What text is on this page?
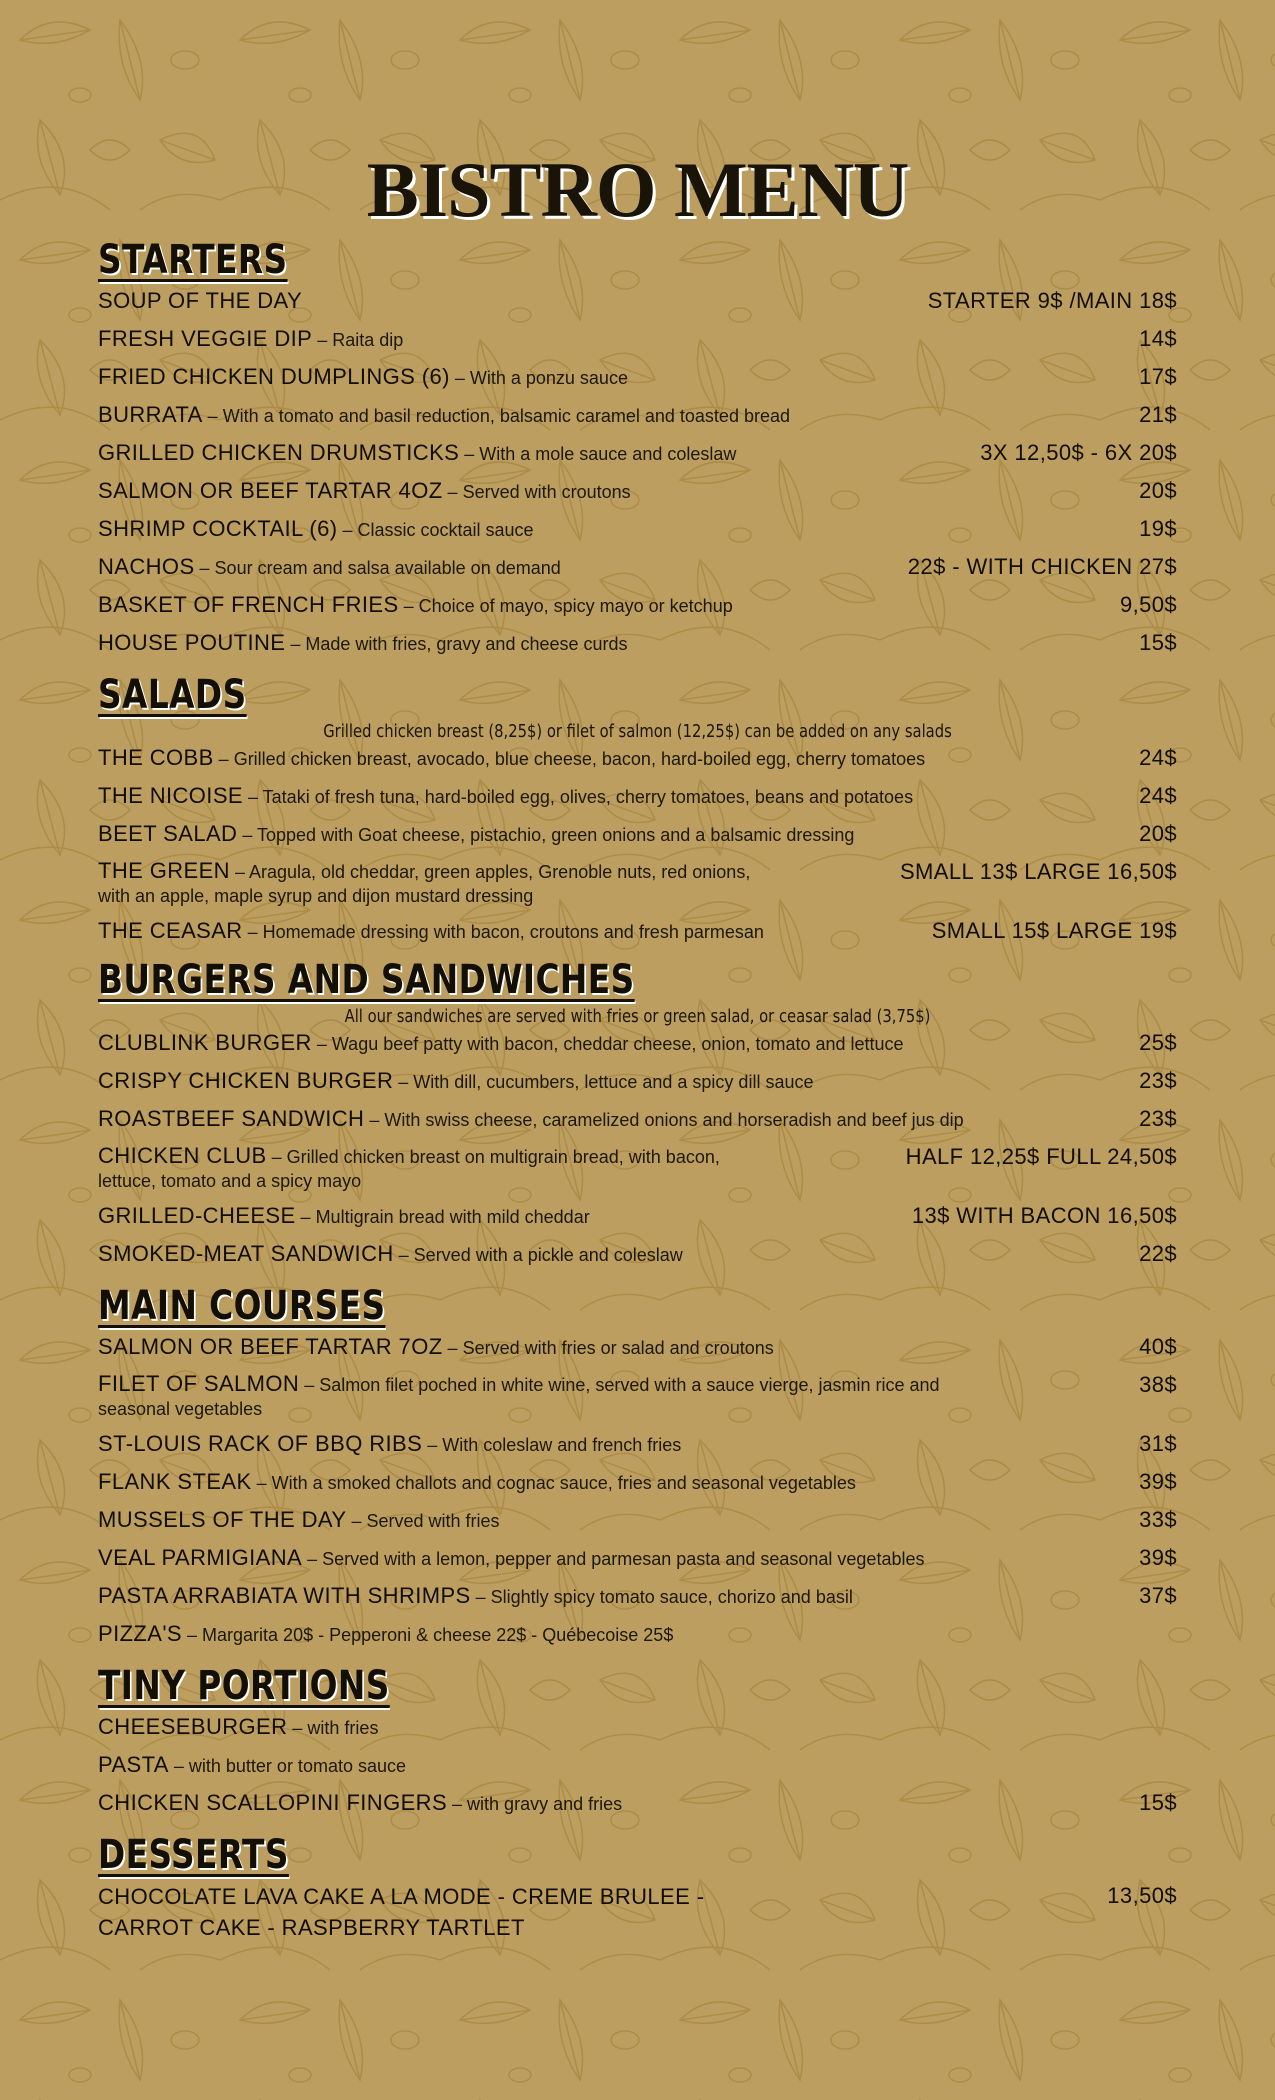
BISTRO MENU
STARTERS
SOUP OF THE DAY	STARTER 9$ /MAIN 18$
FRESH VEGGIE DIP – Raita dip	14$
FRIED CHICKEN DUMPLINGS (6) – With a ponzu sauce	17$
BURRATA – With a tomato and basil reduction, balsamic caramel and toasted bread	21$
GRILLED CHICKEN DRUMSTICKS – With a mole sauce and coleslaw	3X 12,50$ - 6X 20$
SALMON OR BEEF TARTAR 4OZ – Served with croutons	20$
SHRIMP COCKTAIL (6) – Classic cocktail sauce	19$
NACHOS – Sour cream and salsa available on demand	22$ - WITH CHICKEN 27$
BASKET OF FRENCH FRIES – Choice of mayo, spicy mayo or ketchup	9,50$
HOUSE POUTINE – Made with fries, gravy and cheese curds	15$
SALADS

Grilled chicken breast (8,25$) or filet of salmon (12,25$) can be added on any salads

THE COBB – Grilled chicken breast, avocado, blue cheese, bacon, hard-boiled egg, cherry tomatoes	24$
THE NICOISE – Tataki of fresh tuna, hard-boiled egg, olives, cherry tomatoes, beans and potatoes	24$
BEET SALAD – Topped with Goat cheese, pistachio, green onions and a balsamic dressing	20$
THE GREEN – Aragula, old cheddar, green apples, Grenoble nuts, red onions,
with an apple, maple syrup and dijon mustard dressing
SMALL 13$ LARGE 16,50$
THE CEASAR – Homemade dressing with bacon, croutons and fresh parmesan	SMALL 15$ LARGE 19$
BURGERS AND SANDWICHES

All our sandwiches are served with fries or green salad, or ceasar salad (3,75$)

CLUBLINK BURGER – Wagu beef patty with bacon, cheddar cheese, onion, tomato and lettuce	25$
CRISPY CHICKEN BURGER – With dill, cucumbers, lettuce and a spicy dill sauce	23$
ROASTBEEF SANDWICH – With swiss cheese, caramelized onions and horseradish and beef jus dip	23$
CHICKEN CLUB – Grilled chicken breast on multigrain bread, with bacon,
lettuce, tomato and a spicy mayo
HALF 12,25$ FULL 24,50$
GRILLED-CHEESE – Multigrain bread with mild cheddar	13$ WITH BACON 16,50$
SMOKED-MEAT SANDWICH – Served with a pickle and coleslaw	22$
MAIN COURSES
SALMON OR BEEF TARTAR 7OZ – Served with fries or salad and croutons	40$
FILET OF SALMON – Salmon filet poched in white wine, served with a sauce vierge, jasmin rice and
seasonal vegetables
38$
ST-LOUIS RACK OF BBQ RIBS – With coleslaw and french fries	31$
FLANK STEAK – With a smoked challots and cognac sauce, fries and seasonal vegetables	39$
MUSSELS OF THE DAY – Served with fries	33$
VEAL PARMIGIANA – Served with a lemon, pepper and parmesan pasta and seasonal vegetables	39$
PASTA ARRABIATA WITH SHRIMPS – Slightly spicy tomato sauce, chorizo and basil	37$
PIZZA'S – Margarita 20$ - Pepperoni & cheese 22$ - Québecoise 25$
TINY PORTIONS
CHEESEBURGER – with fries
PASTA – with butter or tomato sauce
CHICKEN SCALLOPINI FINGERS – with gravy and fries	15$
DESSERTS
CHOCOLATE LAVA CAKE A LA MODE - CREME BRULEE -
CARROT CAKE - RASPBERRY TARTLET
13,50$
